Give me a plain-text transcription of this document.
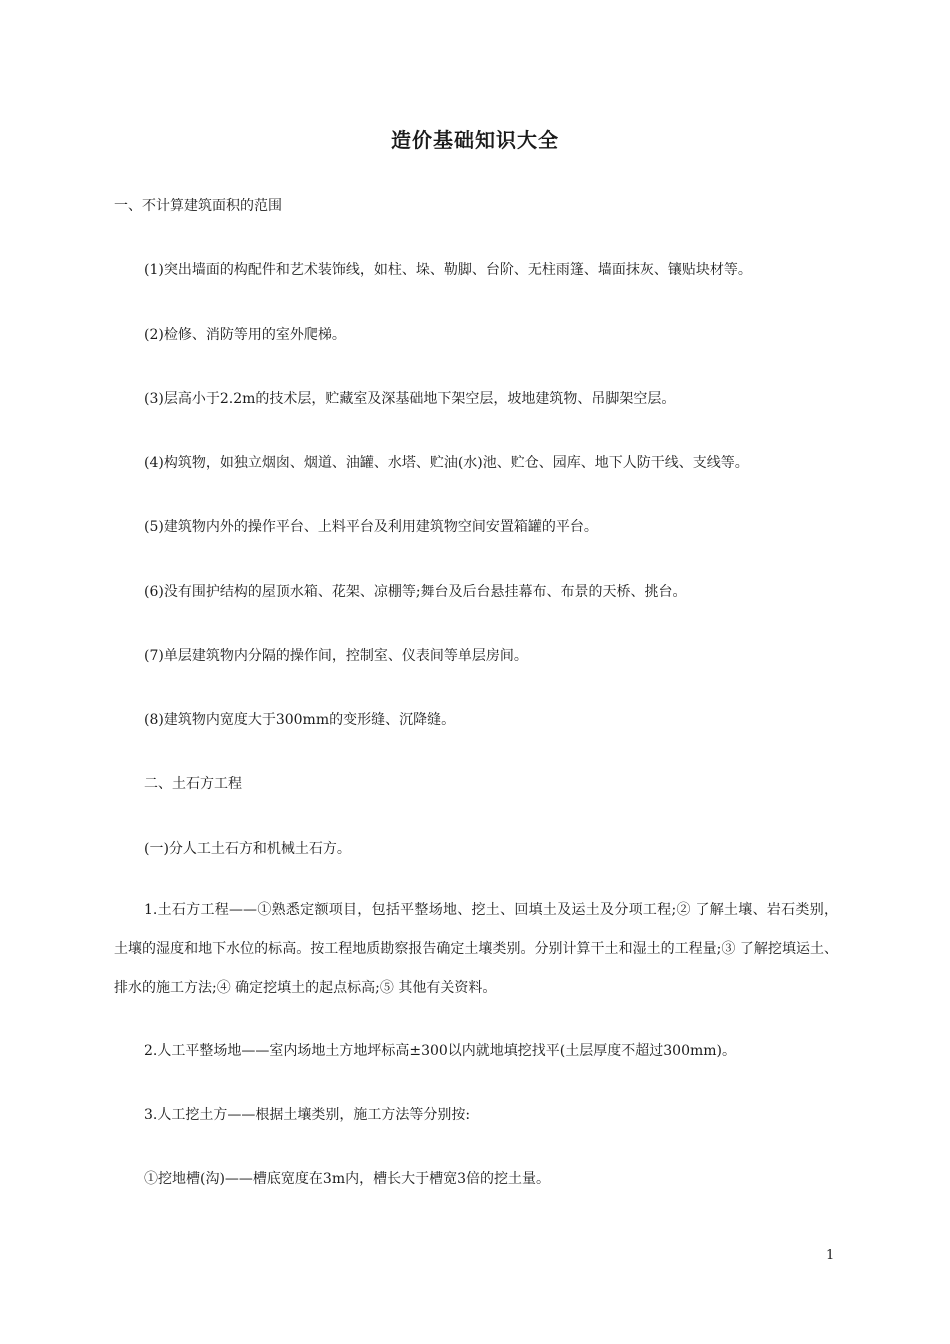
造价基础知识大全
一、不计算建筑面积的范围
(1)突出墙面的构配件和艺术装饰线，如柱、垛、勒脚、台阶、无柱雨篷、墙面抹灰、镶贴块材等。
(2)检修、消防等用的室外爬梯。
(3)层高小于2.2m的技术层，贮藏室及深基础地下架空层，坡地建筑物、吊脚架空层。
(4)构筑物，如独立烟囱、烟道、油罐、水塔、贮油(水)池、贮仓、园库、地下人防干线、支线等。
(5)建筑物内外的操作平台、上料平台及利用建筑物空间安置箱罐的平台。
(6)没有围护结构的屋顶水箱、花架、凉棚等;舞台及后台悬挂幕布、布景的天桥、挑台。
(7)单层建筑物内分隔的操作间，控制室、仪表间等单层房间。
(8)建筑物内宽度大于300mm的变形缝、沉降缝。
二、土石方工程
(一)分人工土石方和机械土石方。
1.土石方工程——①熟悉定额项目，包括平整场地、挖土、回填土及运土及分项工程;② 了解土壤、岩石类别，土壤的湿度和地下水位的标高。按工程地质勘察报告确定土壤类别。分别计算干土和湿土的工程量;③ 了解挖填运土、排水的施工方法;④ 确定挖填土的起点标高;⑤ 其他有关资料。
2.人工平整场地——室内场地土方地坪标高±300以内就地填挖找平(土层厚度不超过300mm)。
3.人工挖土方——根据土壤类别，施工方法等分别按:
①挖地槽(沟)——槽底宽度在3m内，槽长大于槽宽3倍的挖土量。
1
